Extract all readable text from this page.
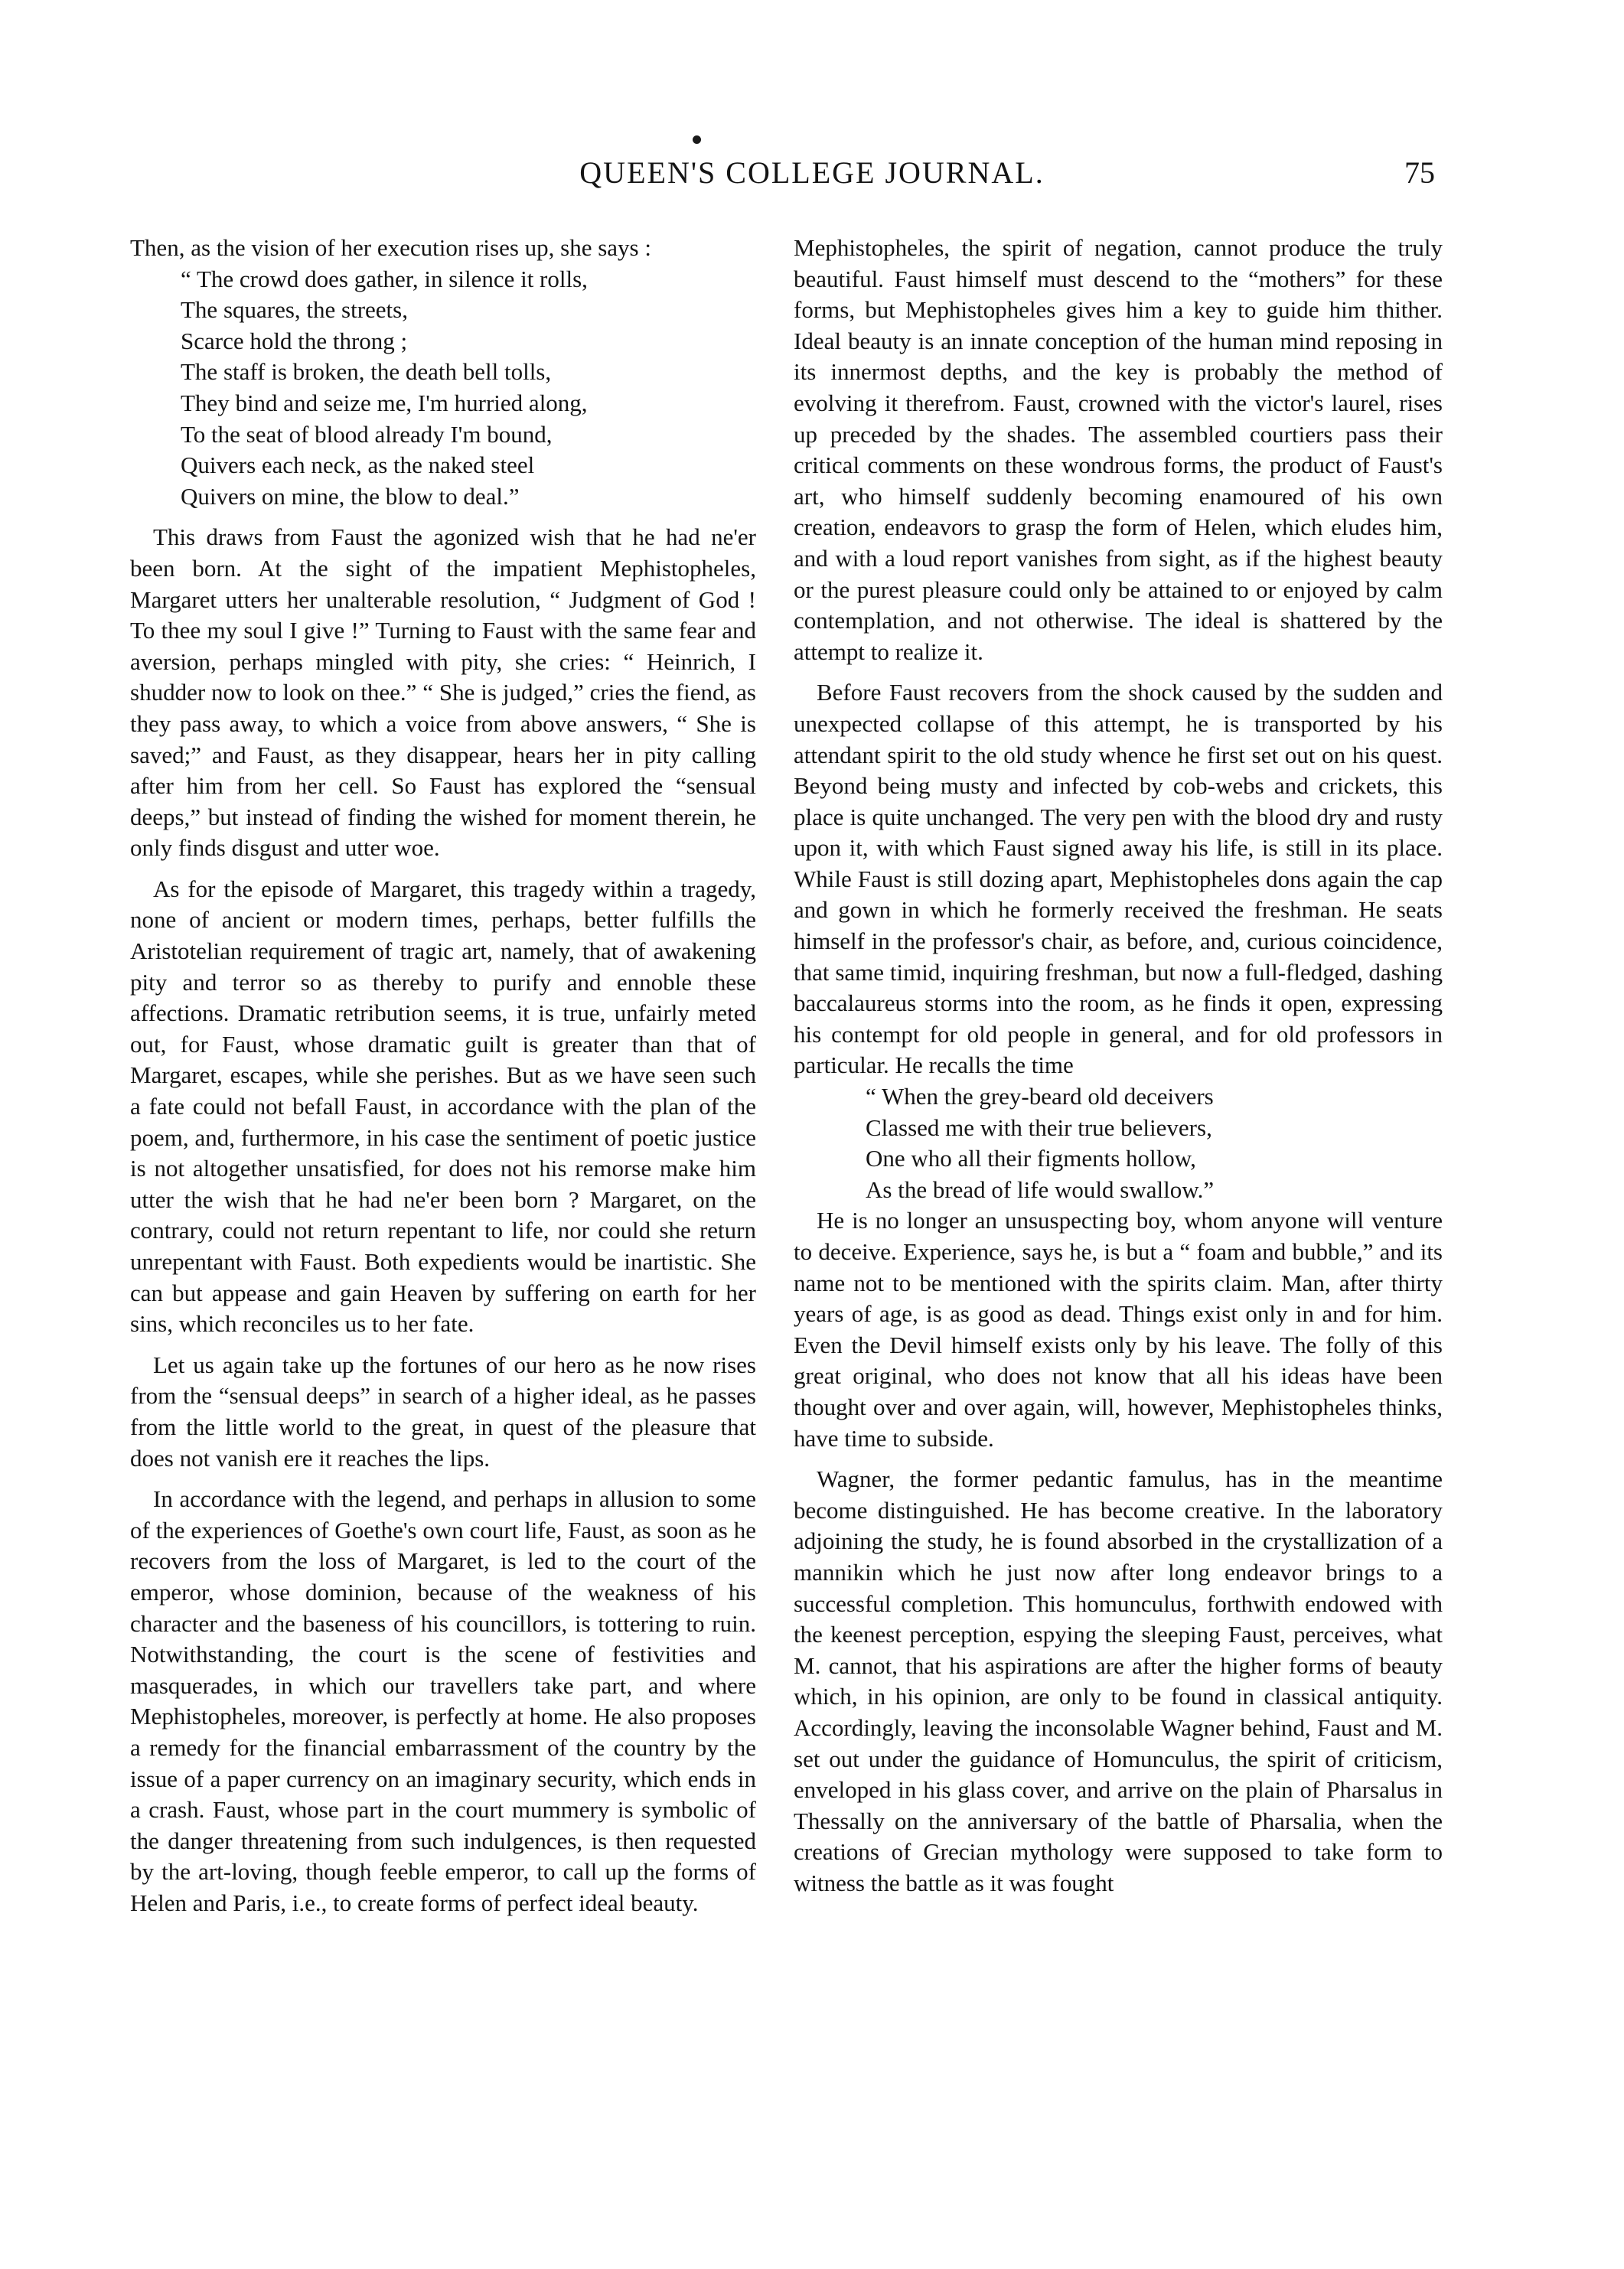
QUEEN'S COLLEGE JOURNAL.	75

Then, as the vision of her execution rises up, she says :

“ The crowd does gather, in silence it rolls,
The squares, the streets,
Scarce hold the throng ;
The staff is broken, the death bell tolls,
They bind and seize me, I'm hurried along,
To the seat of blood already I'm bound,
Quivers each neck, as the naked steel
Quivers on mine, the blow to deal.”

This draws from Faust the agonized wish that he had ne'er been born. At the sight of the impatient Mephistopheles, Margaret utters her unalterable resolution, “ Judgment of God ! To thee my soul I give !” Turning to Faust with the same fear and aversion, perhaps mingled with pity, she cries: “ Heinrich, I shudder now to look on thee.” “ She is judged,” cries the fiend, as they pass away, to which a voice from above answers, “ She is saved;” and Faust, as they disappear, hears her in pity calling after him from her cell. So Faust has explored the “sensual deeps,” but instead of finding the wished for moment therein, he only finds disgust and utter woe.

As for the episode of Margaret, this tragedy within a tragedy, none of ancient or modern times, perhaps, better fulfills the Aristotelian requirement of tragic art, namely, that of awakening pity and terror so as thereby to purify and ennoble these affections. Dramatic retribution seems, it is true, unfairly meted out, for Faust, whose dramatic guilt is greater than that of Margaret, escapes, while she perishes. But as we have seen such a fate could not befall Faust, in accordance with the plan of the poem, and, furthermore, in his case the sentiment of poetic justice is not altogether unsatisfied, for does not his remorse make him utter the wish that he had ne'er been born ? Margaret, on the contrary, could not return repentant to life, nor could she return unrepentant with Faust. Both expedients would be inartistic. She can but appease and gain Heaven by suffering on earth for her sins, which reconciles us to her fate.

Let us again take up the fortunes of our hero as he now rises from the “sensual deeps” in search of a higher ideal, as he passes from the little world to the great, in quest of the pleasure that does not vanish ere it reaches the lips.

In accordance with the legend, and perhaps in allusion to some of the experiences of Goethe's own court life, Faust, as soon as he recovers from the loss of Margaret, is led to the court of the emperor, whose dominion, because of the weakness of his character and the baseness of his councillors, is tottering to ruin. Notwithstanding, the court is the scene of festivities and masquerades, in which our travellers take part, and where Mephistopheles, moreover, is perfectly at home. He also proposes a remedy for the financial embarrassment of the country by the issue of a paper currency on an imaginary security, which ends in a crash. Faust, whose part in the court mummery is symbolic of the danger threatening from such indulgences, is then requested by the art-loving, though feeble emperor, to call up the forms of Helen and Paris, i.e., to create forms of perfect ideal beauty.

Mephistopheles, the spirit of negation, cannot produce the truly beautiful. Faust himself must descend to the “mothers” for these forms, but Mephistopheles gives him a key to guide him thither. Ideal beauty is an innate conception of the human mind reposing in its innermost depths, and the key is probably the method of evolving it therefrom. Faust, crowned with the victor's laurel, rises up preceded by the shades. The assembled courtiers pass their critical comments on these wondrous forms, the product of Faust's art, who himself suddenly becoming enamoured of his own creation, endeavors to grasp the form of Helen, which eludes him, and with a loud report vanishes from sight, as if the highest beauty or the purest pleasure could only be attained to or enjoyed by calm contemplation, and not otherwise. The ideal is shattered by the attempt to realize it.

Before Faust recovers from the shock caused by the sudden and unexpected collapse of this attempt, he is transported by his attendant spirit to the old study whence he first set out on his quest. Beyond being musty and infected by cob-webs and crickets, this place is quite unchanged. The very pen with the blood dry and rusty upon it, with which Faust signed away his life, is still in its place. While Faust is still dozing apart, Mephistopheles dons again the cap and gown in which he formerly received the freshman. He seats himself in the professor's chair, as before, and, curious coincidence, that same timid, inquiring freshman, but now a full-fledged, dashing baccalaureus storms into the room, as he finds it open, expressing his contempt for old people in general, and for old professors in particular. He recalls the time

“ When the grey-beard old deceivers
Classed me with their true believers,
One who all their figments hollow,
As the bread of life would swallow.”

He is no longer an unsuspecting boy, whom anyone will venture to deceive. Experience, says he, is but a “ foam and bubble,” and its name not to be mentioned with the spirits claim. Man, after thirty years of age, is as good as dead. Things exist only in and for him. Even the Devil himself exists only by his leave. The folly of this great original, who does not know that all his ideas have been thought over and over again, will, however, Mephistopheles thinks, have time to subside.

Wagner, the former pedantic famulus, has in the meantime become distinguished. He has become creative. In the laboratory adjoining the study, he is found absorbed in the crystallization of a mannikin which he just now after long endeavor brings to a successful completion. This homunculus, forthwith endowed with the keenest perception, espying the sleeping Faust, perceives, what M. cannot, that his aspirations are after the higher forms of beauty which, in his opinion, are only to be found in classical antiquity. Accordingly, leaving the inconsolable Wagner behind, Faust and M. set out under the guidance of Homunculus, the spirit of criticism, enveloped in his glass cover, and arrive on the plain of Pharsalus in Thessally on the anniversary of the battle of Pharsalia, when the creations of Grecian mythology were supposed to take form to witness the battle as it was fought
